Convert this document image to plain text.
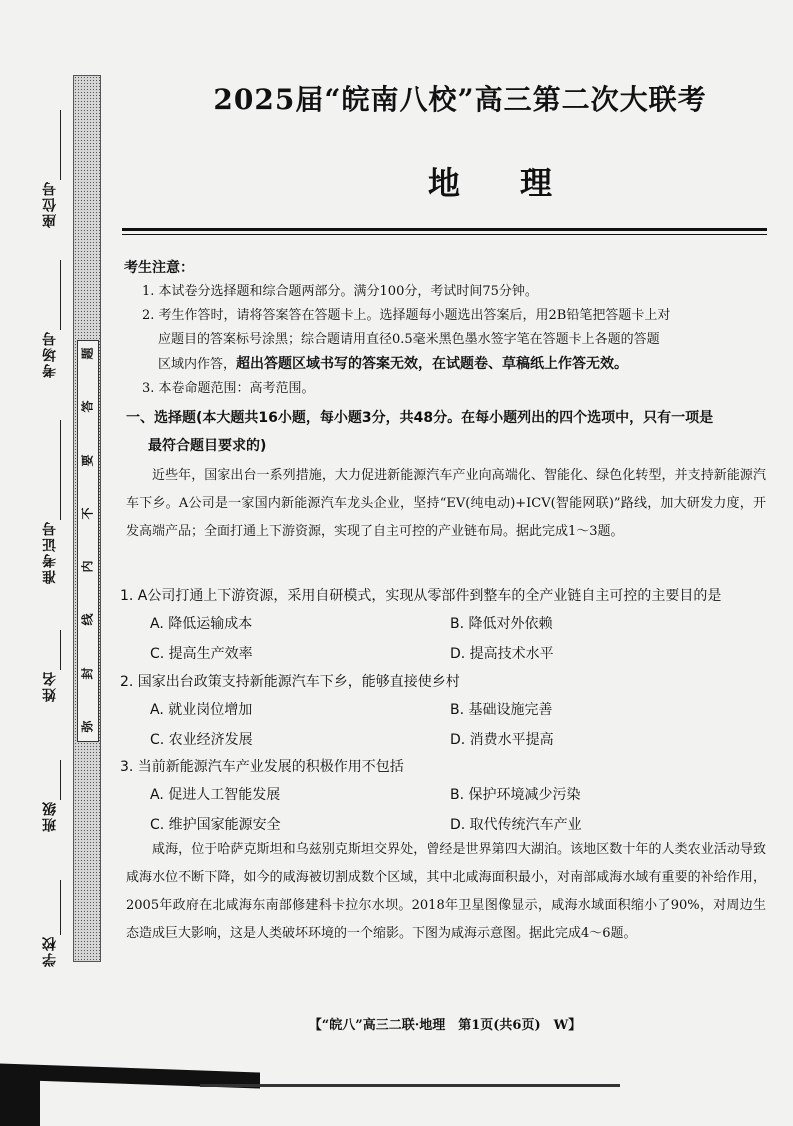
座位号
考场号
准考证号
姓名
班级
学校
题
答
要
不
内
线
封
弥
2025届“皖南八校”高三第二次大联考
地理

考生注意：

1. 本试卷分选择题和综合题两部分。满分100分，考试时间75分钟。

2. 考生作答时，请将答案答在答题卡上。选择题每小题选出答案后，用2B铅笔把答题卡上对

应题目的答案标号涂黑；综合题请用直径0.5毫米黑色墨水签字笔在答题卡上各题的答题

区域内作答，超出答题区域书写的答案无效，在试题卷、草稿纸上作答无效。

3. 本卷命题范围：高考范围。

一、选择题(本大题共16小题，每小题3分，共48分。在每小题列出的四个选项中，只有一项是
最符合题目要求的)
近些年，国家出台一系列措施，大力促进新能源汽车产业向高端化、智能化、绿色化转型，并支持新能源汽车下乡。A公司是一家国内新能源汽车龙头企业，坚持“EV(纯电动)+ICV(智能网联)”路线，加大研发力度，开发高端产品；全面打通上下游资源，实现了自主可控的产业链布局。据此完成1～3题。
1. A公司打通上下游资源，采用自研模式，实现从零部件到整车的全产业链自主可控的主要目的是
A. 降低运输成本	B. 降低对外依赖
C. 提高生产效率	D. 提高技术水平
2. 国家出台政策支持新能源汽车下乡，能够直接使乡村
A. 就业岗位增加	B. 基础设施完善
C. 农业经济发展	D. 消费水平提高
3. 当前新能源汽车产业发展的积极作用不包括
A. 促进人工智能发展	B. 保护环境减少污染
C. 维护国家能源安全	D. 取代传统汽车产业
咸海，位于哈萨克斯坦和乌兹别克斯坦交界处，曾经是世界第四大湖泊。该地区数十年的人类农业活动导致咸海水位不断下降，如今的咸海被切割成数个区域，其中北咸海面积最小，对南部咸海水域有重要的补给作用，2005年政府在北咸海东南部修建科卡拉尔水坝。2018年卫星图像显示，咸海水域面积缩小了90%，对周边生态造成巨大影响，这是人类破坏环境的一个缩影。下图为咸海示意图。据此完成4～6题。
【“皖八”高三二联·地理　第1页(共6页)　W】
